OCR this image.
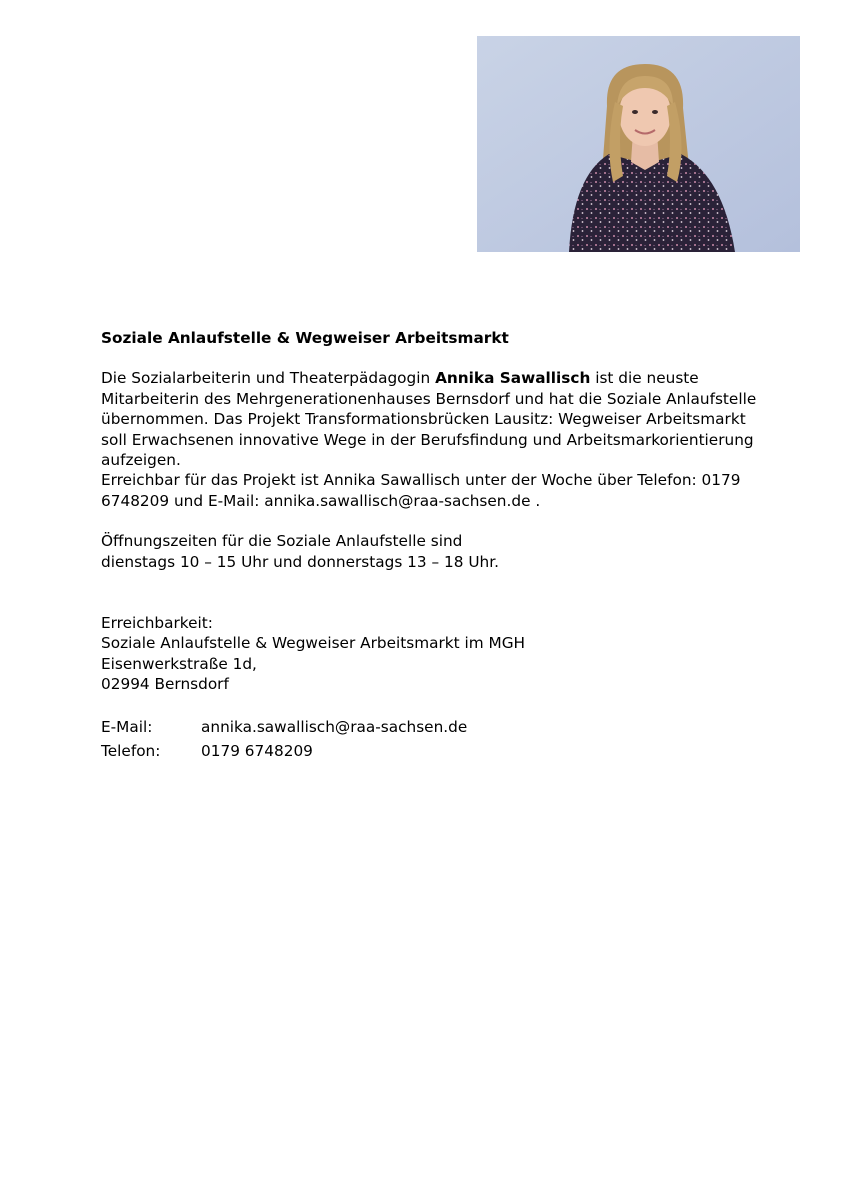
Soziale Anlaufstelle & Wegweiser Arbeitsmarkt

Die Sozialarbeiterin und Theaterpädagogin Annika Sawallisch ist die neuste Mitarbeiterin des Mehrgenerationenhauses Bernsdorf und hat die Soziale Anlaufstelle übernommen. Das Projekt Transformationsbrücken Lausitz: Wegweiser Arbeitsmarkt soll Erwachsenen innovative Wege in der Berufsfindung und Arbeitsmarkorientierung aufzeigen.

Erreichbar für das Projekt ist Annika Sawallisch unter der Woche über Telefon: 0179 6748209 und E-Mail: annika.sawallisch@raa-sachsen.de .

Öffnungszeiten für die Soziale Anlaufstelle sind

dienstags 10 – 15 Uhr und donnerstags 13 – 18 Uhr.

Erreichbarkeit:

Soziale Anlaufstelle & Wegweiser Arbeitsmarkt im MGH

Eisenwerkstraße 1d,

02994 Bernsdorf

E-Mail:	annika.sawallisch@raa-sachsen.de
Telefon:	0179 6748209
